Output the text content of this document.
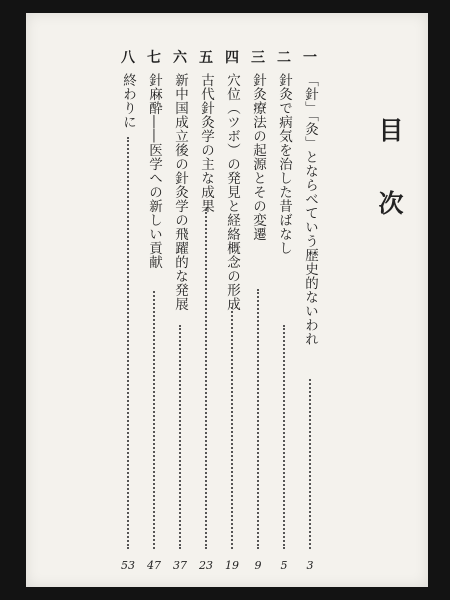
目次
一
「針」「灸」とならべていう歴史的ないわれ
3
二
針灸で病気を治した昔ばなし
5
三
針灸療法の起源とその変遷
9
四
穴位（ツボ）の発見と経絡概念の形成
19
五
古代針灸学の主な成果
23
六
新中国成立後の針灸学の飛躍的な発展
37
七
針麻酔――医学への新しい貢献
47
八
終わりに
53
